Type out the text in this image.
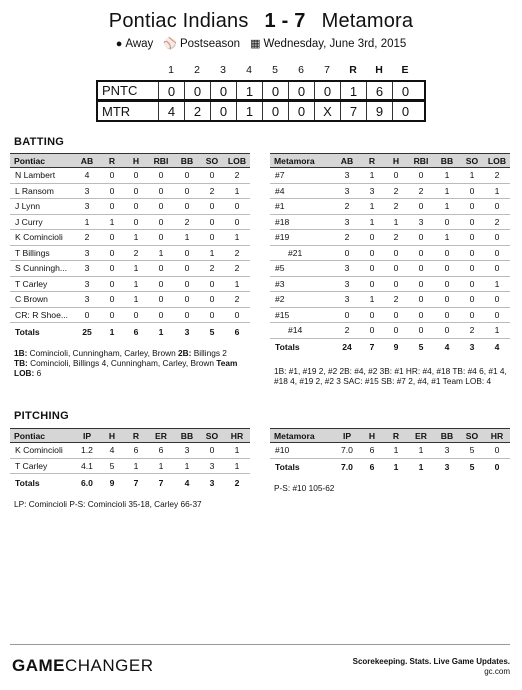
Pontiac Indians 1 - 7 Metamora
● Away ⚾ Postseason ▦ Wednesday, June 3rd, 2015
1	2	3	4	5	6	7	R	H	E
PNTC	0	0	0	1	0	0	0	1	6	0
MTR	4	2	0	1	0	0	X	7	9	0
BATTING
Pontiac	AB	R	H	RBI	BB	SO	LOB
N Lambert	4	0	0	0	0	0	2
L Ransom	3	0	0	0	0	2	1
J Lynn	3	0	0	0	0	0	0
J Curry	1	1	0	0	2	0	0
K Comincioli	2	0	1	0	1	0	1
T Billings	3	0	2	1	0	1	2
S Cunningh...	3	0	1	0	0	2	2
T Carley	3	0	1	0	0	0	1
C Brown	3	0	1	0	0	0	2
CR: R Shoe...	0	0	0	0	0	0	0
Totals	25	1	6	1	3	5	6
1B: Comincioli, Cunningham, Carley, Brown 2B: Billings 2
TB: Comincioli, Billings 4, Cunningham, Carley, Brown Team LOB: 6
Metamora	AB	R	H	RBI	BB	SO	LOB
#7	3	1	0	0	1	1	2
#4	3	3	2	2	1	0	1
#1	2	1	2	0	1	0	0
#18	3	1	1	3	0	0	2
#19	2	0	2	0	1	0	0
#21	0	0	0	0	0	0	0
#5	3	0	0	0	0	0	0
#3	3	0	0	0	0	0	1
#2	3	1	2	0	0	0	0
#15	0	0	0	0	0	0	0
#14	2	0	0	0	0	2	1
Totals	24	7	9	5	4	3	4
1B: #1, #19 2, #2 2B: #4, #2 3B: #1 HR: #4, #18 TB: #4 6, #1 4, #18 4, #19 2, #2 3 SAC: #15 SB: #7 2, #4, #1 Team LOB: 4
PITCHING
Pontiac	IP	H	R	ER	BB	SO	HR
K Comincioli	1.2	4	6	6	3	0	1
T Carley	4.1	5	1	1	1	3	1
Totals	6.0	9	7	7	4	3	2
LP: Comincioli P-S: Comincioli 35-18, Carley 66-37
Metamora	IP	H	R	ER	BB	SO	HR
#10	7.0	6	1	1	3	5	0
Totals	7.0	6	1	1	3	5	0
P-S: #10 105-62
GAMECHANGER	Scorekeeping. Stats. Live Game Updates.
gc.com
